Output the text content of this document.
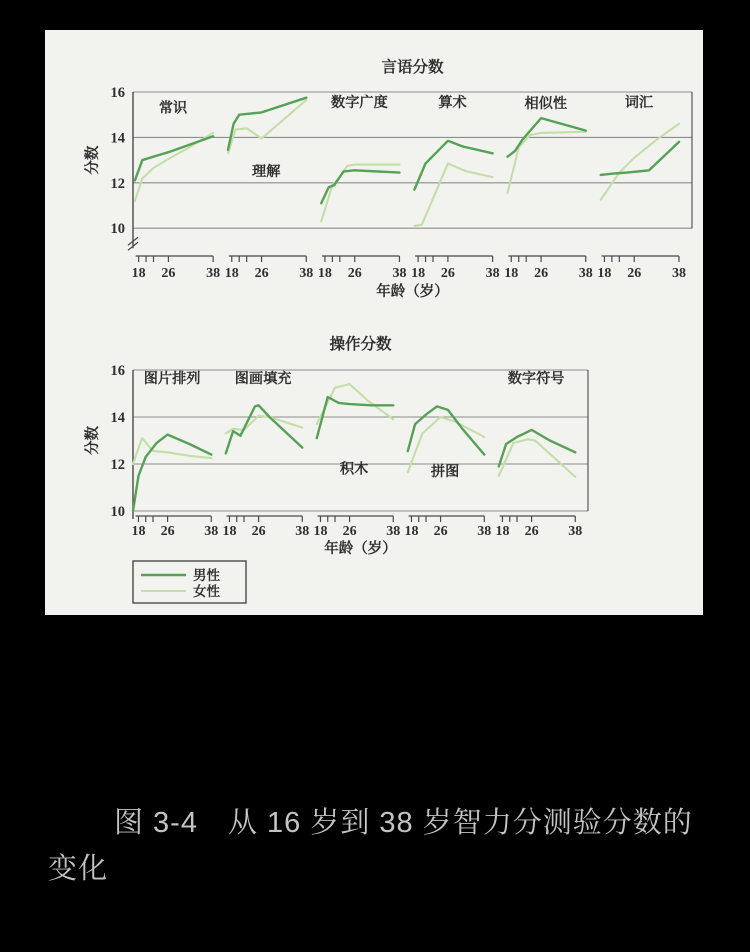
16
14
12
10
言语分数
分数
年龄（岁）
18 26 38
常识
18 26 38
理解
18 26 38
数字广度
18 26 38
算术
18 26 38
相似性
18 26 38
词汇
16
14
12
10
操作分数
分数
年龄（岁）
18 26 38
图片排列
18 26 38
图画填充
18 26 38
积木
18 26 38
拼图
18 26 38
数字符号
男性
女性
图 3-4　从 16 岁到 38 岁智力分测验分数的
变化
